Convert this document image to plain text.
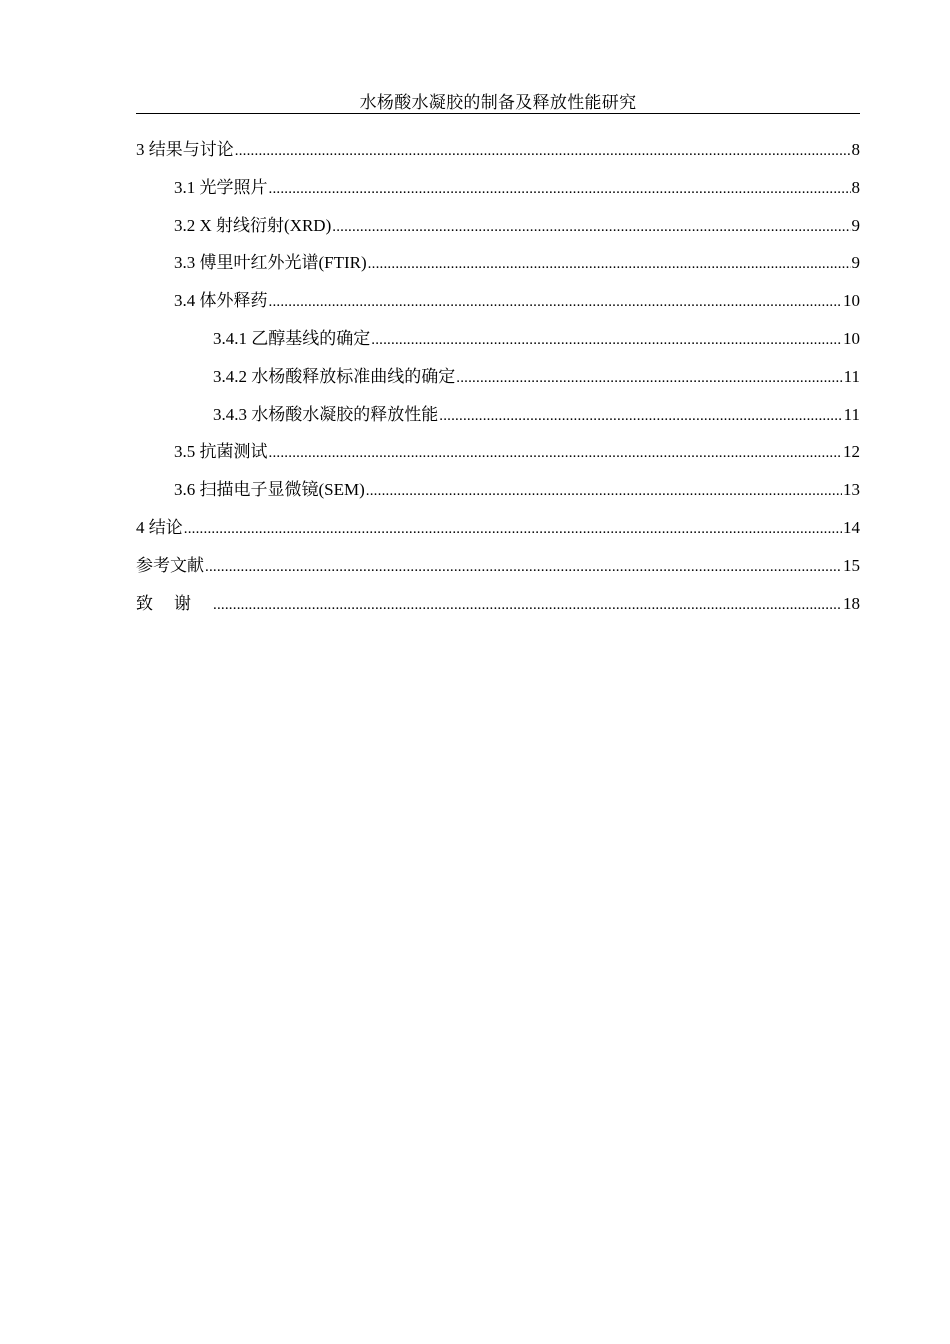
水杨酸水凝胶的制备及释放性能研究
3 结果与讨论 .....	8
3.1 光学照片 .....	8
3.2 X 射线衍射(XRD) .....	9
3.3 傅里叶红外光谱(FTIR) .....	9
3.4 体外释药 .....	10
3.4.1 乙醇基线的确定 .....	10
3.4.2 水杨酸释放标准曲线的确定 .....	11
3.4.3 水杨酸水凝胶的释放性能 .....	11
3.5 抗菌测试 .....	12
3.6 扫描电子显微镜(SEM) .....	13
4 结论 .....	14
参考文献 .....	15
致谢 .....	18
